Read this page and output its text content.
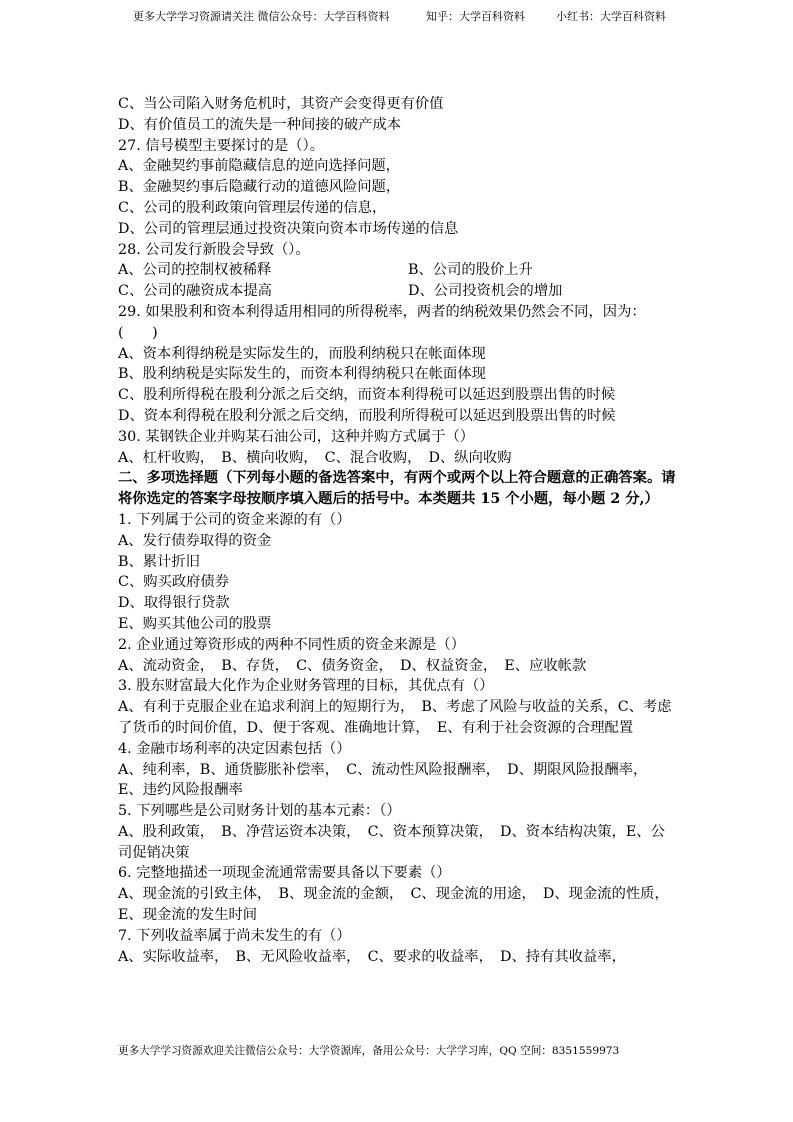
更多大学学习资源请关注 微信公众号：大学百科资料	知乎：大学百科资料	小红书：大学百科资料
C、当公司陷入财务危机时，其资产会变得更有价值
D、有价值员工的流失是一种间接的破产成本
27. 信号模型主要探讨的是（）。
A、金融契约事前隐藏信息的逆向选择问题，
B、金融契约事后隐藏行动的道德风险问题，
C、公司的股利政策向管理层传递的信息，
D、公司的管理层通过投资决策向资本市场传递的信息
28. 公司发行新股会导致（）。
A、公司的控制权被稀释	B、公司的股价上升
C、公司的融资成本提高	D、公司投资机会的增加
29. 如果股利和资本利得适用相同的所得税率，两者的纳税效果仍然会不同，因为：(　　)
A、资本利得纳税是实际发生的，而股利纳税只在帐面体现
B、股利纳税是实际发生的，而资本利得纳税只在帐面体现
C、股利所得税在股利分派之后交纳，而资本利得税可以延迟到股票出售的时候
D、资本利得税在股利分派之后交纳，而股利所得税可以延迟到股票出售的时候
30. 某钢铁企业并购某石油公司，这种并购方式属于（）
A、杠杆收购，　B、横向收购，　C、混合收购，　D、纵向收购
二、多项选择题（下列每小题的备选答案中，有两个或两个以上符合题意的正确答案。请将你选定的答案字母按顺序填入题后的括号中。本类题共 15 个小题，每小题 2 分,）
1. 下列属于公司的资金来源的有（）
A、发行债券取得的资金
B、累计折旧
C、购买政府债券
D、取得银行贷款
E、购买其他公司的股票
2. 企业通过筹资形成的两种不同性质的资金来源是（）
A、流动资金，　B、存货，　C、债务资金，　D、权益资金，　E、应收帐款
3. 股东财富最大化作为企业财务管理的目标，其优点有（）
A、有利于克服企业在追求利润上的短期行为，　B、考虑了风险与收益的关系，C、考虑了货币的时间价值，D、便于客观、准确地计算，　E、有利于社会资源的合理配置
4. 金融市场利率的决定因素包括（）
A、纯利率，B、通货膨胀补偿率，　C、流动性风险报酬率，　D、期限风险报酬率，　E、违约风险报酬率
5. 下列哪些是公司财务计划的基本元素：（）
A、股利政策，　B、净营运资本决策，　C、资本预算决策，　D、资本结构决策，E、公司促销决策
6. 完整地描述一项现金流通常需要具备以下要素（）
A、现金流的引致主体，　B、现金流的金额，　C、现金流的用途，　D、现金流的性质，　E、现金流的发生时间
7. 下列收益率属于尚未发生的有（）
A、实际收益率，　B、无风险收益率，　C、要求的收益率，　D、持有其收益率，
更多大学学习资源欢迎关注微信公众号：大学资源库，备用公众号：大学学习库，QQ 空间：8351559973
